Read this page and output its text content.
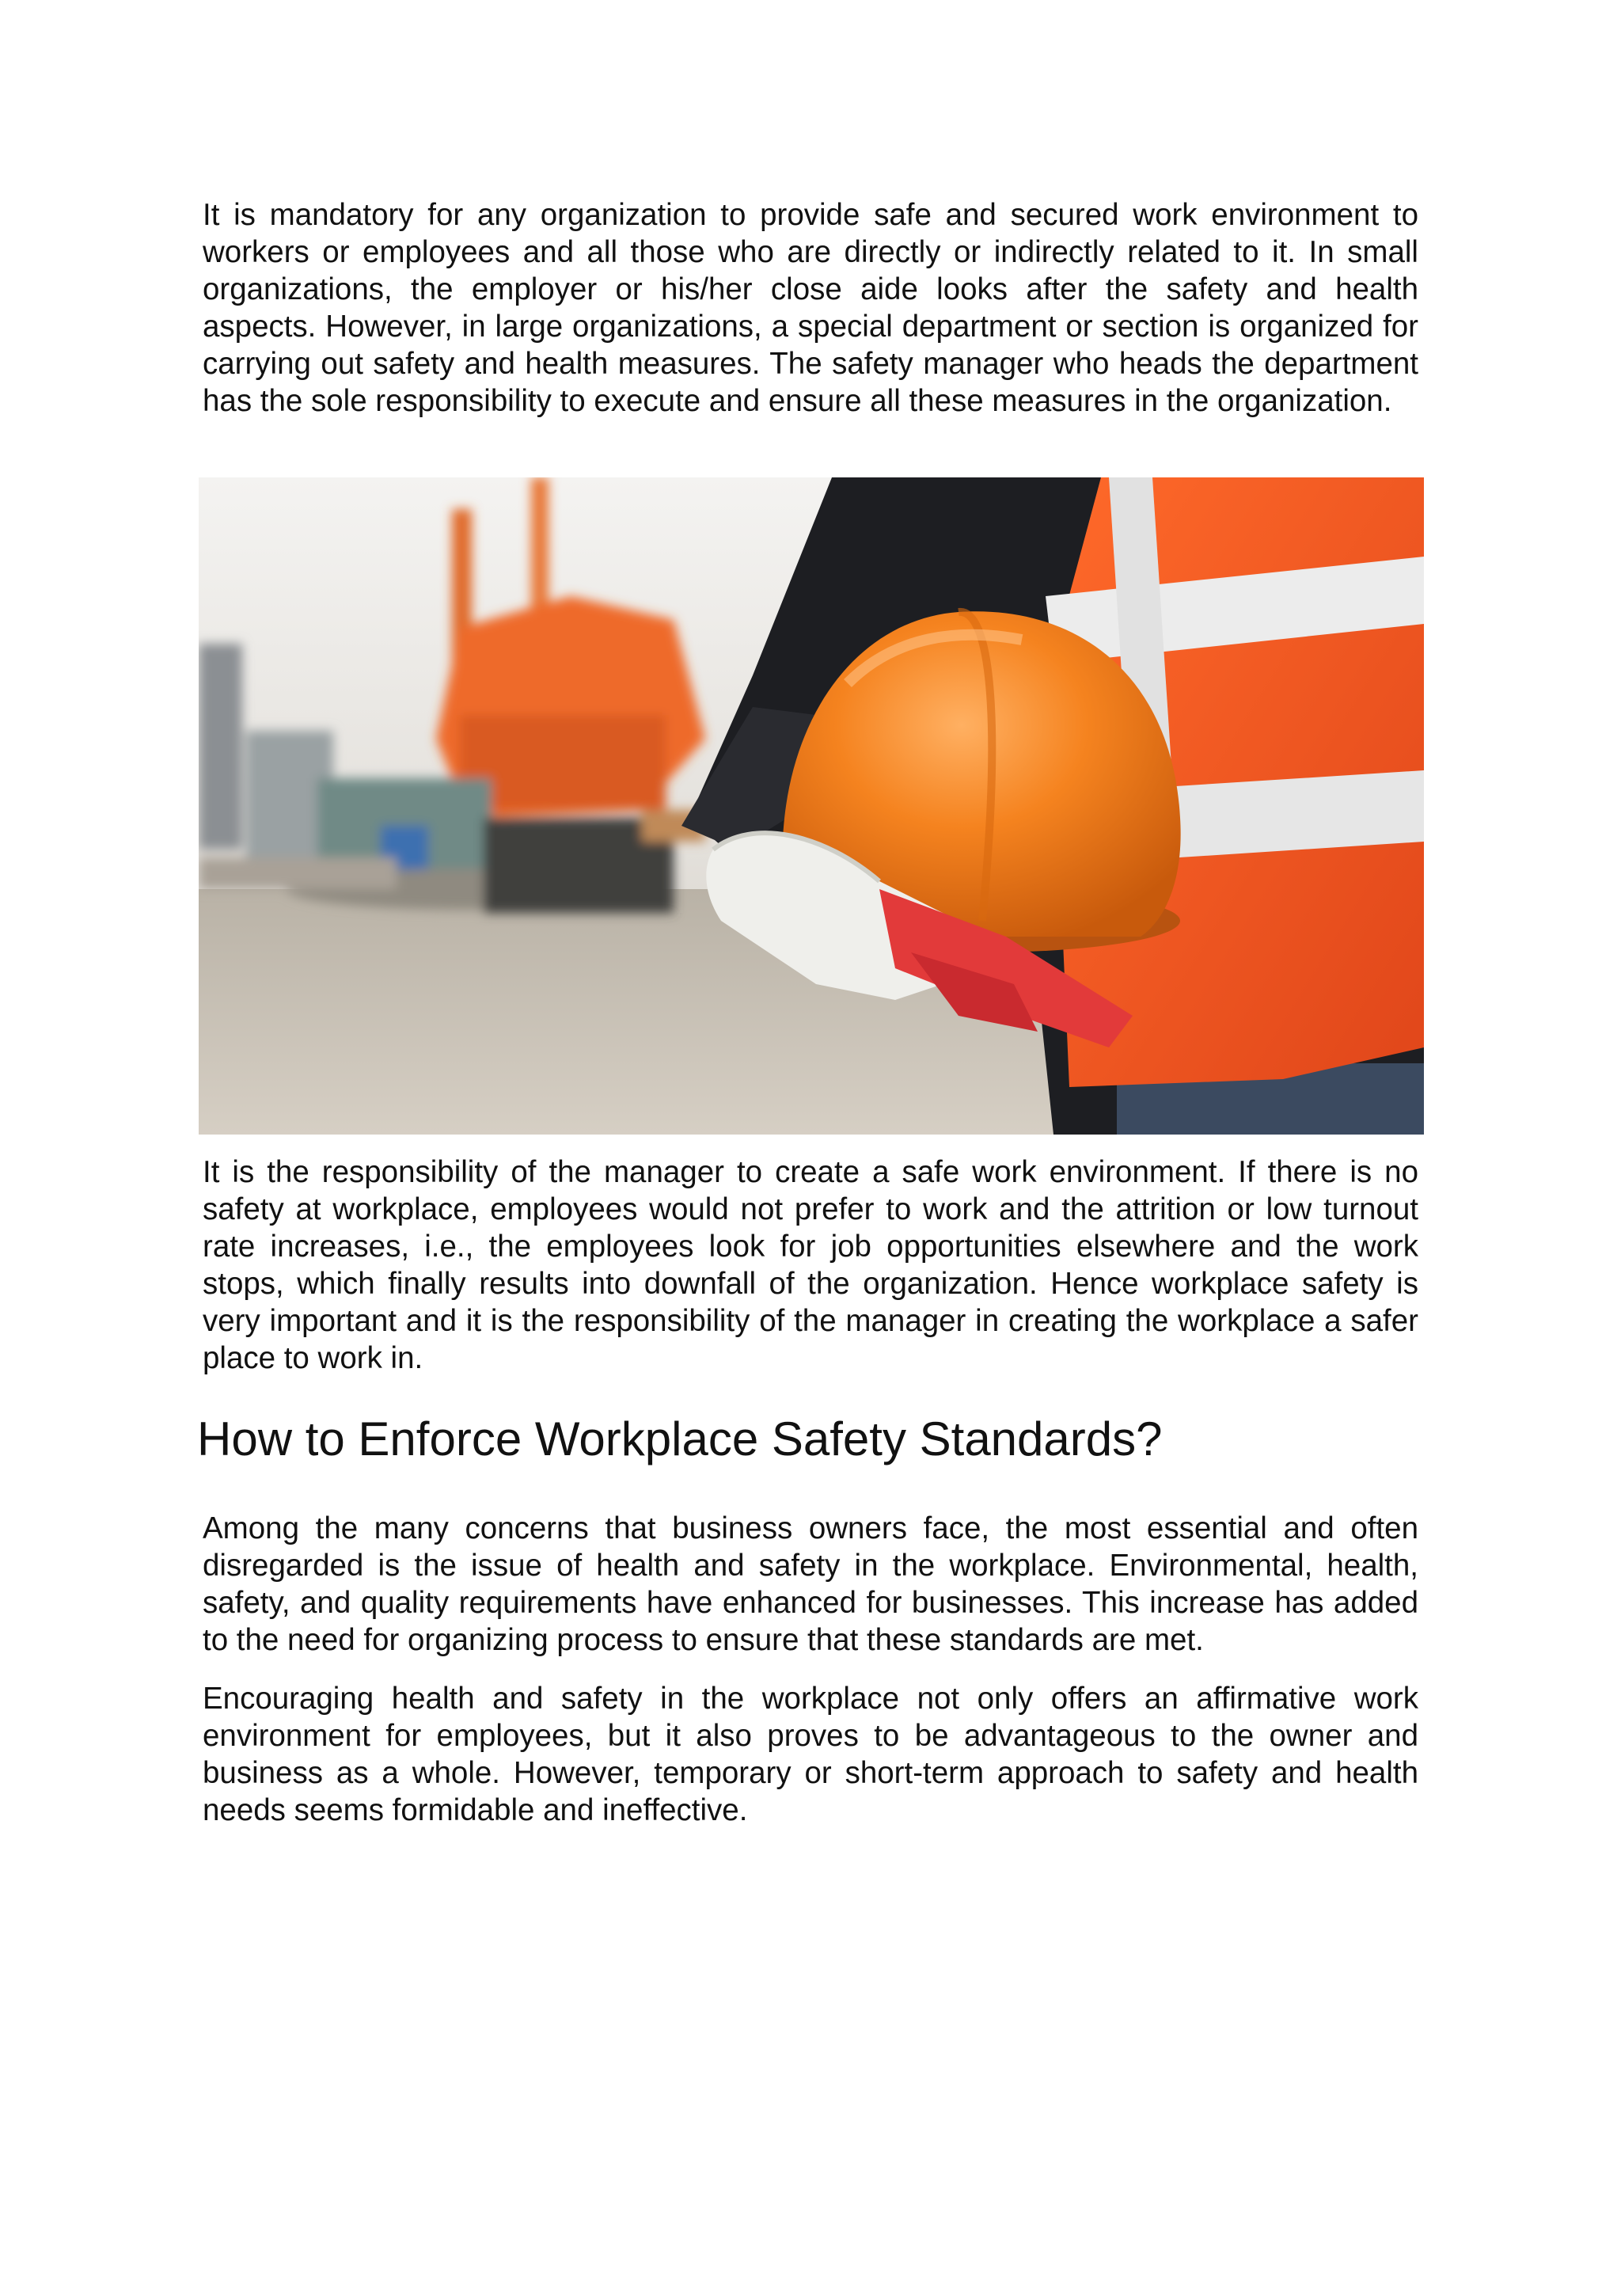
It is mandatory for any organization to provide safe and secured work environment to workers or employees and all those who are directly or indirectly related to it. In small organizations, the employer or his/her close aide looks after the safety and health aspects. However, in large organizations, a special department or section is organized for carrying out safety and health measures. The safety manager who heads the department has the sole responsibility to execute and ensure all these measures in the organization.

It is the responsibility of the manager to create a safe work environment. If there is no safety at workplace, employees would not prefer to work and the attrition or low turnout rate increases, i.e., the employees look for job opportunities elsewhere and the work stops, which finally results into downfall of the organization. Hence workplace safety is very important and it is the responsibility of the manager in creating the workplace a safer place to work in.

How to Enforce Workplace Safety Standards?

Among the many concerns that business owners face, the most essential and often disregarded is the issue of health and safety in the workplace. Environmental, health, safety, and quality requirements have enhanced for businesses. This increase has added to the need for organizing process to ensure that these standards are met.

Encouraging health and safety in the workplace not only offers an affirmative work environment for employees, but it also proves to be advantageous to the owner and business as a whole. However, temporary or short-term approach to safety and health needs seems formidable and ineffective.
